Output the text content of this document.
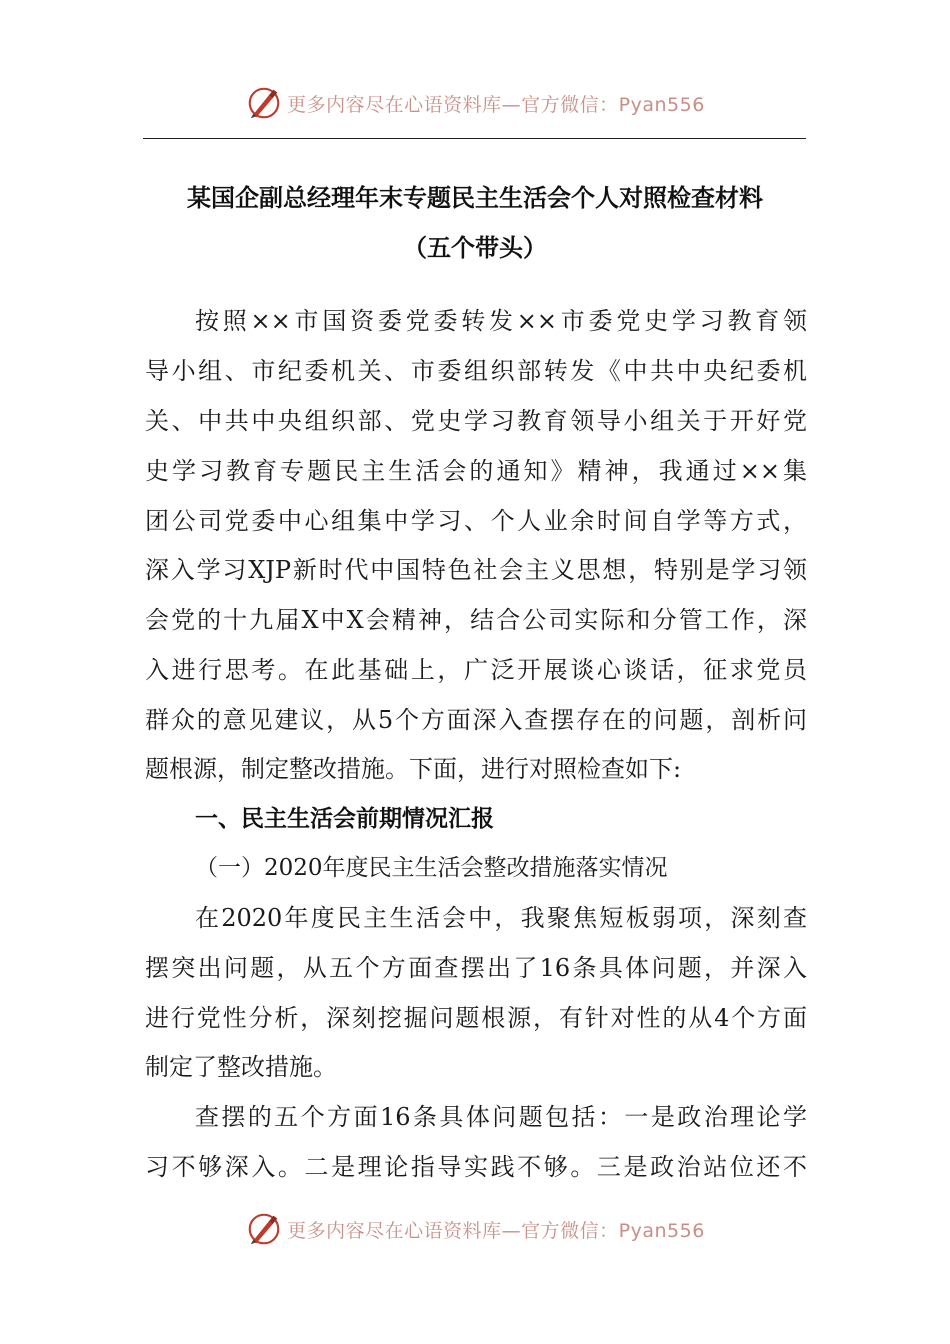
更多内容尽在心语资料库—官方微信：Pyan556
某国企副总经理年末专题民主生活会个人对照检查材料
（五个带头）
按照××市国资委党委转发××市委党史学习教育领
导小组、市纪委机关、市委组织部转发《中共中央纪委机
关、中共中央组织部、党史学习教育领导小组关于开好党
史学习教育专题民主生活会的通知》精神，我通过××集
团公司党委中心组集中学习、个人业余时间自学等方式，
深入学习XJP新时代中国特色社会主义思想，特别是学习领
会党的十九届X中X会精神，结合公司实际和分管工作，深
入进行思考。在此基础上，广泛开展谈心谈话，征求党员
群众的意见建议，从5个方面深入查摆存在的问题，剖析问
题根源，制定整改措施。下面，进行对照检查如下:
一、民主生活会前期情况汇报
（一）2020年度民主生活会整改措施落实情况
在2020年度民主生活会中，我聚焦短板弱项，深刻查
摆突出问题，从五个方面查摆出了16条具体问题，并深入
进行党性分析，深刻挖掘问题根源，有针对性的从4个方面
制定了整改措施。
查摆的五个方面16条具体问题包括：一是政治理论学
习不够深入。二是理论指导实践不够。三是政治站位还不
更多内容尽在心语资料库—官方微信：Pyan556
